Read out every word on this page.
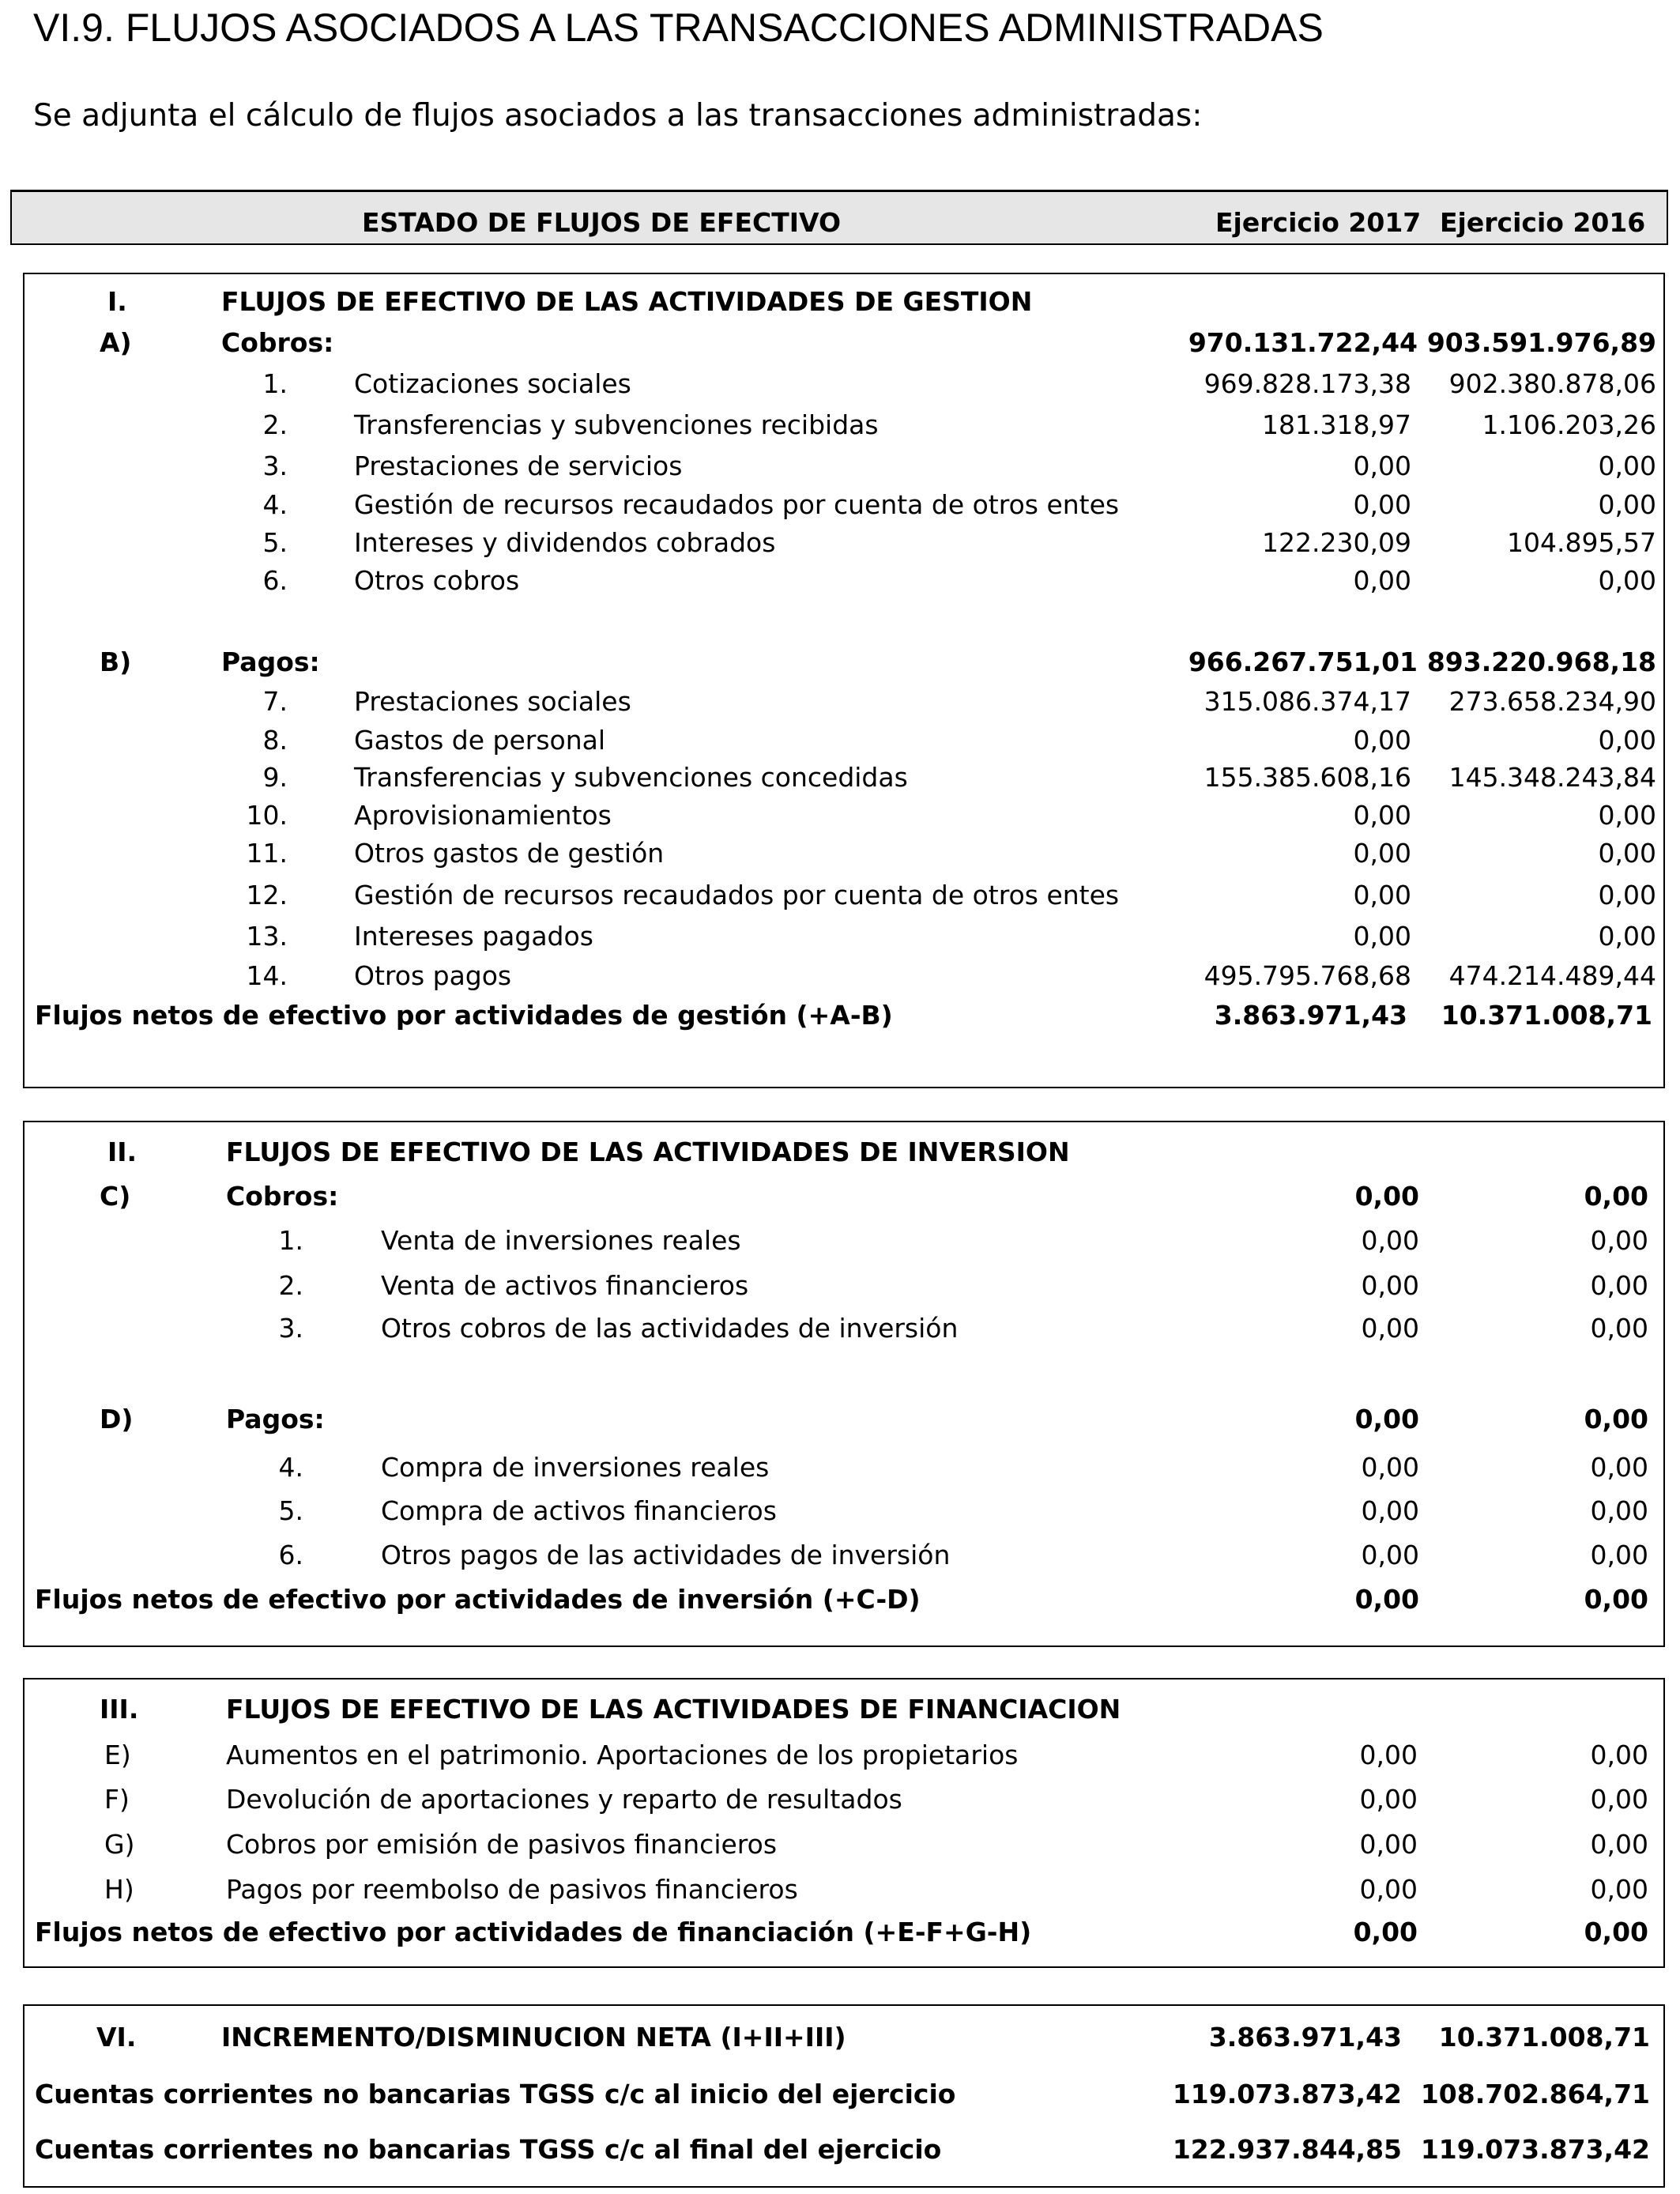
VI.9. FLUJOS ASOCIADOS A LAS TRANSACCIONES ADMINISTRADAS
Se adjunta el cálculo de flujos asociados a las transacciones administradas:
ESTADO DE FLUJOS DE EFECTIVO	Ejercicio 2017 Ejercicio 2016
I.	FLUJOS DE EFECTIVO DE LAS ACTIVIDADES DE GESTION
A)	Cobros:	970.131.722,44 903.591.976,89
1.	Cotizaciones sociales	969.828.173,38 902.380.878,06
2.	Transferencias y subvenciones recibidas	181.318,97	1.106.203,26
3.	Prestaciones de servicios	0,00	0,00
4.	Gestión de recursos recaudados por cuenta de otros entes	0,00	0,00
5.	Intereses y dividendos cobrados	122.230,09	104.895,57
6.	Otros cobros	0,00	0,00
B)	Pagos:	966.267.751,01 893.220.968,18
7.	Prestaciones sociales	315.086.374,17 273.658.234,90
8.	Gastos de personal	0,00	0,00
9.	Transferencias y subvenciones concedidas	155.385.608,16 145.348.243,84
10.	Aprovisionamientos	0,00	0,00
11.	Otros gastos de gestión	0,00	0,00
12.	Gestión de recursos recaudados por cuenta de otros entes	0,00	0,00
13.	Intereses pagados	0,00	0,00
14.	Otros pagos	495.795.768,68 474.214.489,44
Flujos netos de efectivo por actividades de gestión (+A-B)	3.863.971,43 10.371.008,71
II.	FLUJOS DE EFECTIVO DE LAS ACTIVIDADES DE INVERSION
C)	Cobros:	0,00	0,00
1.	Venta de inversiones reales	0,00	0,00
2.	Venta de activos financieros	0,00	0,00
3.	Otros cobros de las actividades de inversión	0,00	0,00
D)	Pagos:	0,00	0,00
4.	Compra de inversiones reales	0,00	0,00
5.	Compra de activos financieros	0,00	0,00
6.	Otros pagos de las actividades de inversión	0,00	0,00
Flujos netos de efectivo por actividades de inversión (+C-D)	0,00	0,00
III.	FLUJOS DE EFECTIVO DE LAS ACTIVIDADES DE FINANCIACION
E)	Aumentos en el patrimonio. Aportaciones de los propietarios	0,00	0,00
F)	Devolución de aportaciones y reparto de resultados	0,00	0,00
G)	Cobros por emisión de pasivos financieros	0,00	0,00
H)	Pagos por reembolso de pasivos financieros	0,00	0,00
Flujos netos de efectivo por actividades de financiación (+E-F+G-H)	0,00	0,00
VI.	INCREMENTO/DISMINUCION NETA (I+II+III)	3.863.971,43 10.371.008,71
Cuentas corrientes no bancarias TGSS c/c al inicio del ejercicio	119.073.873,42 108.702.864,71
Cuentas corrientes no bancarias TGSS c/c al final del ejercicio	122.937.844,85 119.073.873,42
